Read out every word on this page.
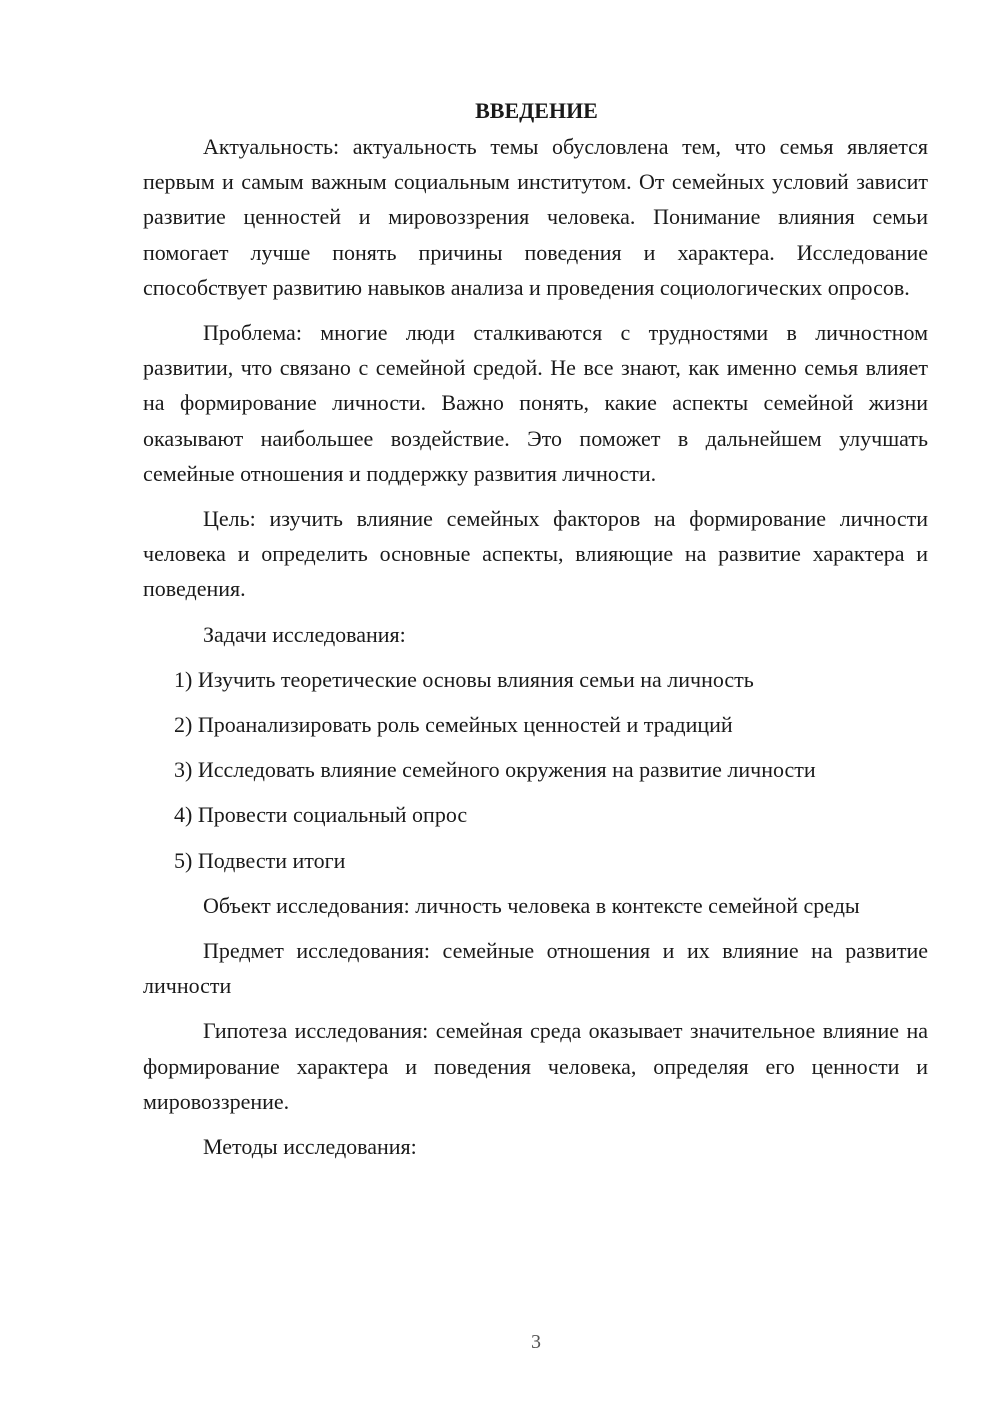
ВВЕДЕНИЕ

Актуальность: актуальность темы обусловлена тем, что семья является первым и самым важным социальным институтом. От семейных условий зависит развитие ценностей и мировоззрения человека. Понимание влияния семьи помогает лучше понять причины поведения и характера. Исследование способствует развитию навыков анализа и проведения социологических опросов.

Проблема: многие люди сталкиваются с трудностями в личностном развитии, что связано с семейной средой. Не все знают, как именно семья влияет на формирование личности. Важно понять, какие аспекты семейной жизни оказывают наибольшее воздействие. Это поможет в дальнейшем улучшать семейные отношения и поддержку развития личности.

Цель: изучить влияние семейных факторов на формирование личности человека и определить основные аспекты, влияющие на развитие характера и поведения.

Задачи исследования:

1) Изучить теоретические основы влияния семьи на личность
2) Проанализировать роль семейных ценностей и традиций
3) Исследовать влияние семейного окружения на развитие личности
4) Провести социальный опрос
5) Подвести итоги

Объект исследования: личность человека в контексте семейной среды

Предмет исследования: семейные отношения и их влияние на развитие личности

Гипотеза исследования: семейная среда оказывает значительное влияние на формирование характера и поведения человека, определяя его ценности и мировоззрение.

Методы исследования:

3
